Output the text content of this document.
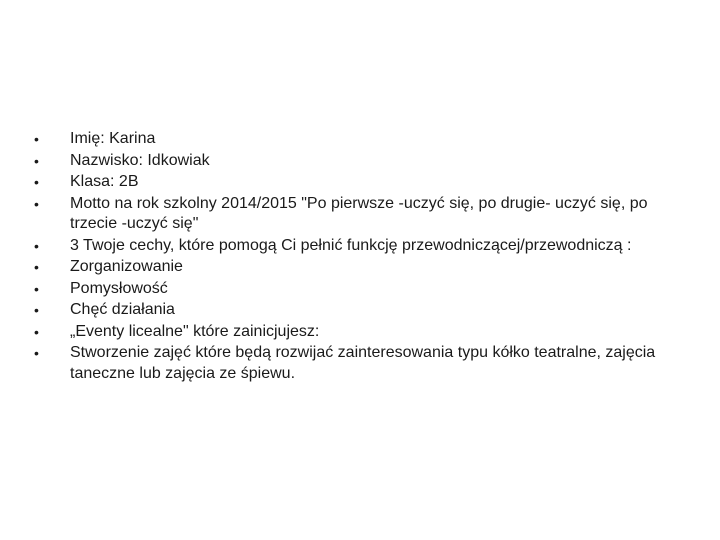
• Imię: Karina
• Nazwisko: Idkowiak
• Klasa: 2B
• Motto na rok szkolny 2014/2015 "Po pierwsze -uczyć się, po drugie- uczyć się, po trzecie -uczyć się"
• 3 Twoje cechy, które pomogą Ci pełnić funkcję przewodniczącej/przewodniczą :
• Zorganizowanie
• Pomysłowość
• Chęć działania
• „Eventy licealne" które zainicjujesz:
• Stworzenie zajęć które będą rozwijać zainteresowania typu kółko teatralne, zajęcia taneczne lub zajęcia ze śpiewu.
